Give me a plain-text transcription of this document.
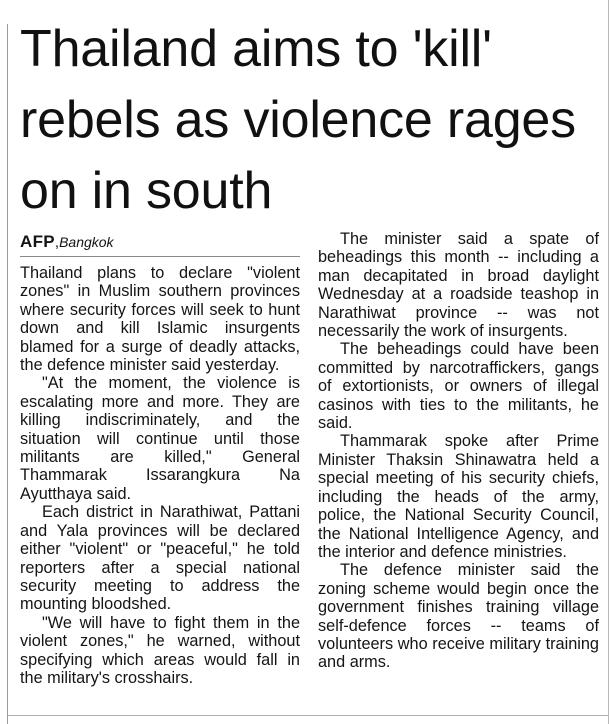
Thailand aims to 'kill' rebels as violence rages on in south
AFP,Bangkok

Thailand plans to declare "violent zones" in Muslim southern provinces where security forces will seek to hunt down and kill Islamic insurgents blamed for a surge of deadly attacks, the defence minister said yesterday.

"At the moment, the violence is escalating more and more. They are killing indiscriminately, and the situation will continue until those militants are killed," General Thammarak Issarangkura Na Ayutthaya said.

Each district in Narathiwat, Pattani and Yala provinces will be declared either "violent" or "peaceful," he told reporters after a special national security meeting to address the mounting bloodshed.

"We will have to fight them in the violent zones," he warned, without specifying which areas would fall in the military's crosshairs.

The minister said a spate of beheadings this month -- including a man decapitated in broad daylight Wednesday at a roadside teashop in Narathiwat province -- was not necessarily the work of insurgents.

The beheadings could have been committed by narcotraffickers, gangs of extortionists, or owners of illegal casinos with ties to the militants, he said.

Thammarak spoke after Prime Minister Thaksin Shinawatra held a special meeting of his security chiefs, including the heads of the army, police, the National Security Council, the National Intelligence Agency, and the interior and defence ministries.

The defence minister said the zoning scheme would begin once the government finishes training village self-defence forces -- teams of volunteers who receive military training and arms.
